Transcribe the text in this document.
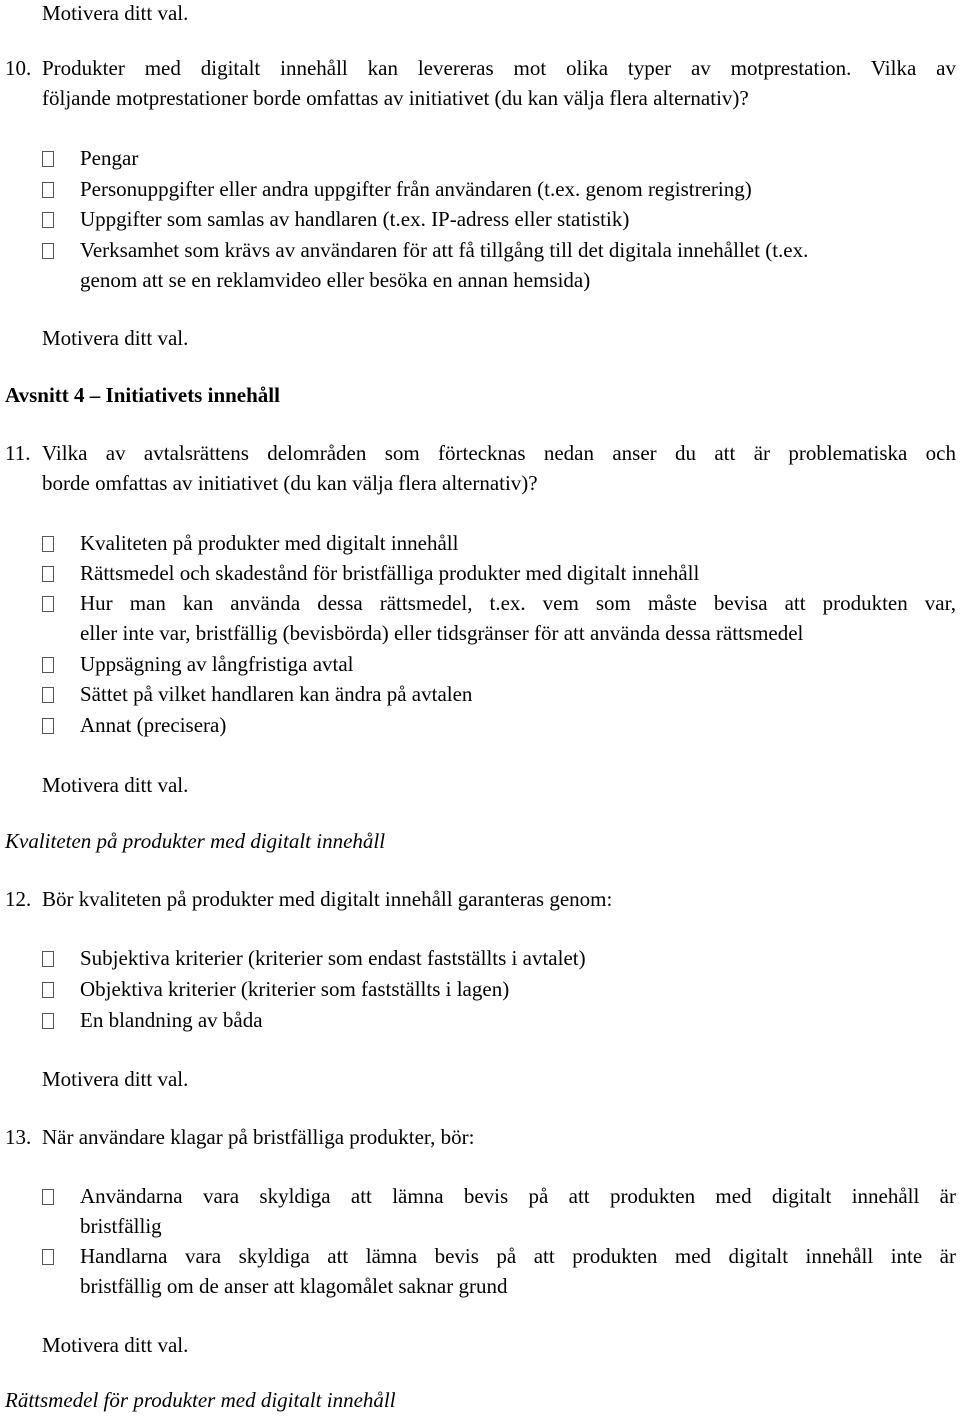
Motivera ditt val.
10. Produkter med digitalt innehåll kan levereras mot olika typer av motprestation. Vilka av
följande motprestationer borde omfattas av initiativet (du kan välja flera alternativ)?
Pengar
Personuppgifter eller andra uppgifter från användaren (t.ex. genom registrering)
Uppgifter som samlas av handlaren (t.ex. IP-adress eller statistik)
Verksamhet som krävs av användaren för att få tillgång till det digitala innehållet (t.ex.
genom att se en reklamvideo eller besöka en annan hemsida)
Motivera ditt val.
Avsnitt 4 – Initiativets innehåll
11. Vilka av avtalsrättens delområden som förtecknas nedan anser du att är problematiska och
borde omfattas av initiativet (du kan välja flera alternativ)?
Kvaliteten på produkter med digitalt innehåll
Rättsmedel och skadestånd för bristfälliga produkter med digitalt innehåll
Hur man kan använda dessa rättsmedel, t.ex. vem som måste bevisa att produkten var,
eller inte var, bristfällig (bevisbörda) eller tidsgränser för att använda dessa rättsmedel
Uppsägning av långfristiga avtal
Sättet på vilket handlaren kan ändra på avtalen
Annat (precisera)
Motivera ditt val.
Kvaliteten på produkter med digitalt innehåll
12. Bör kvaliteten på produkter med digitalt innehåll garanteras genom:
Subjektiva kriterier (kriterier som endast fastställts i avtalet)
Objektiva kriterier (kriterier som fastställts i lagen)
En blandning av båda
Motivera ditt val.
13. När användare klagar på bristfälliga produkter, bör:
Användarna vara skyldiga att lämna bevis på att produkten med digitalt innehåll är
bristfällig
Handlarna vara skyldiga att lämna bevis på att produkten med digitalt innehåll inte är
bristfällig om de anser att klagomålet saknar grund
Motivera ditt val.
Rättsmedel för produkter med digitalt innehåll
